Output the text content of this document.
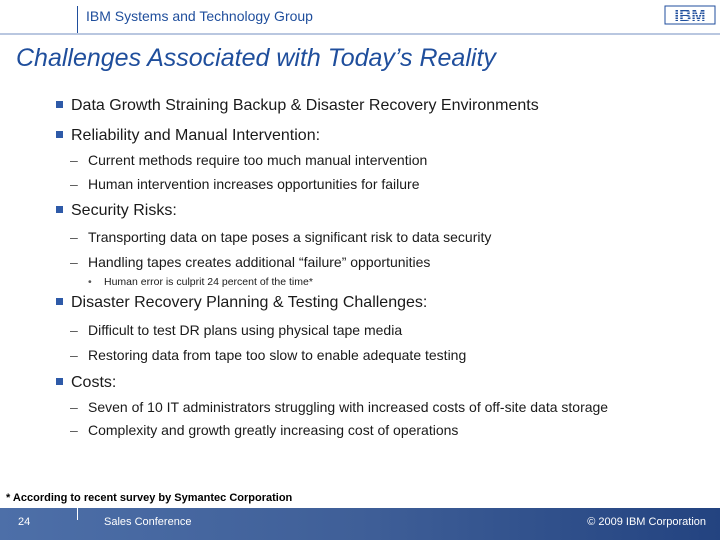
IBM Systems and Technology Group	IBM
Challenges Associated with Today’s Reality
Data Growth Straining Backup & Disaster Recovery Environments
Reliability and Manual Intervention:
– Current methods require too much manual intervention
– Human intervention increases opportunities for failure
Security Risks:
– Transporting data on tape poses a significant risk to data security
– Handling tapes creates additional “failure” opportunities
• Human error is culprit 24 percent of the time*
Disaster Recovery Planning & Testing Challenges:
– Difficult to test DR plans using physical tape media
– Restoring data from tape too slow to enable adequate testing
Costs:
– Seven of 10 IT administrators struggling with increased costs of off-site data storage
– Complexity and growth greatly increasing cost of operations
* According to recent survey by Symantec Corporation
24	Sales Conference	© 2009 IBM Corporation
